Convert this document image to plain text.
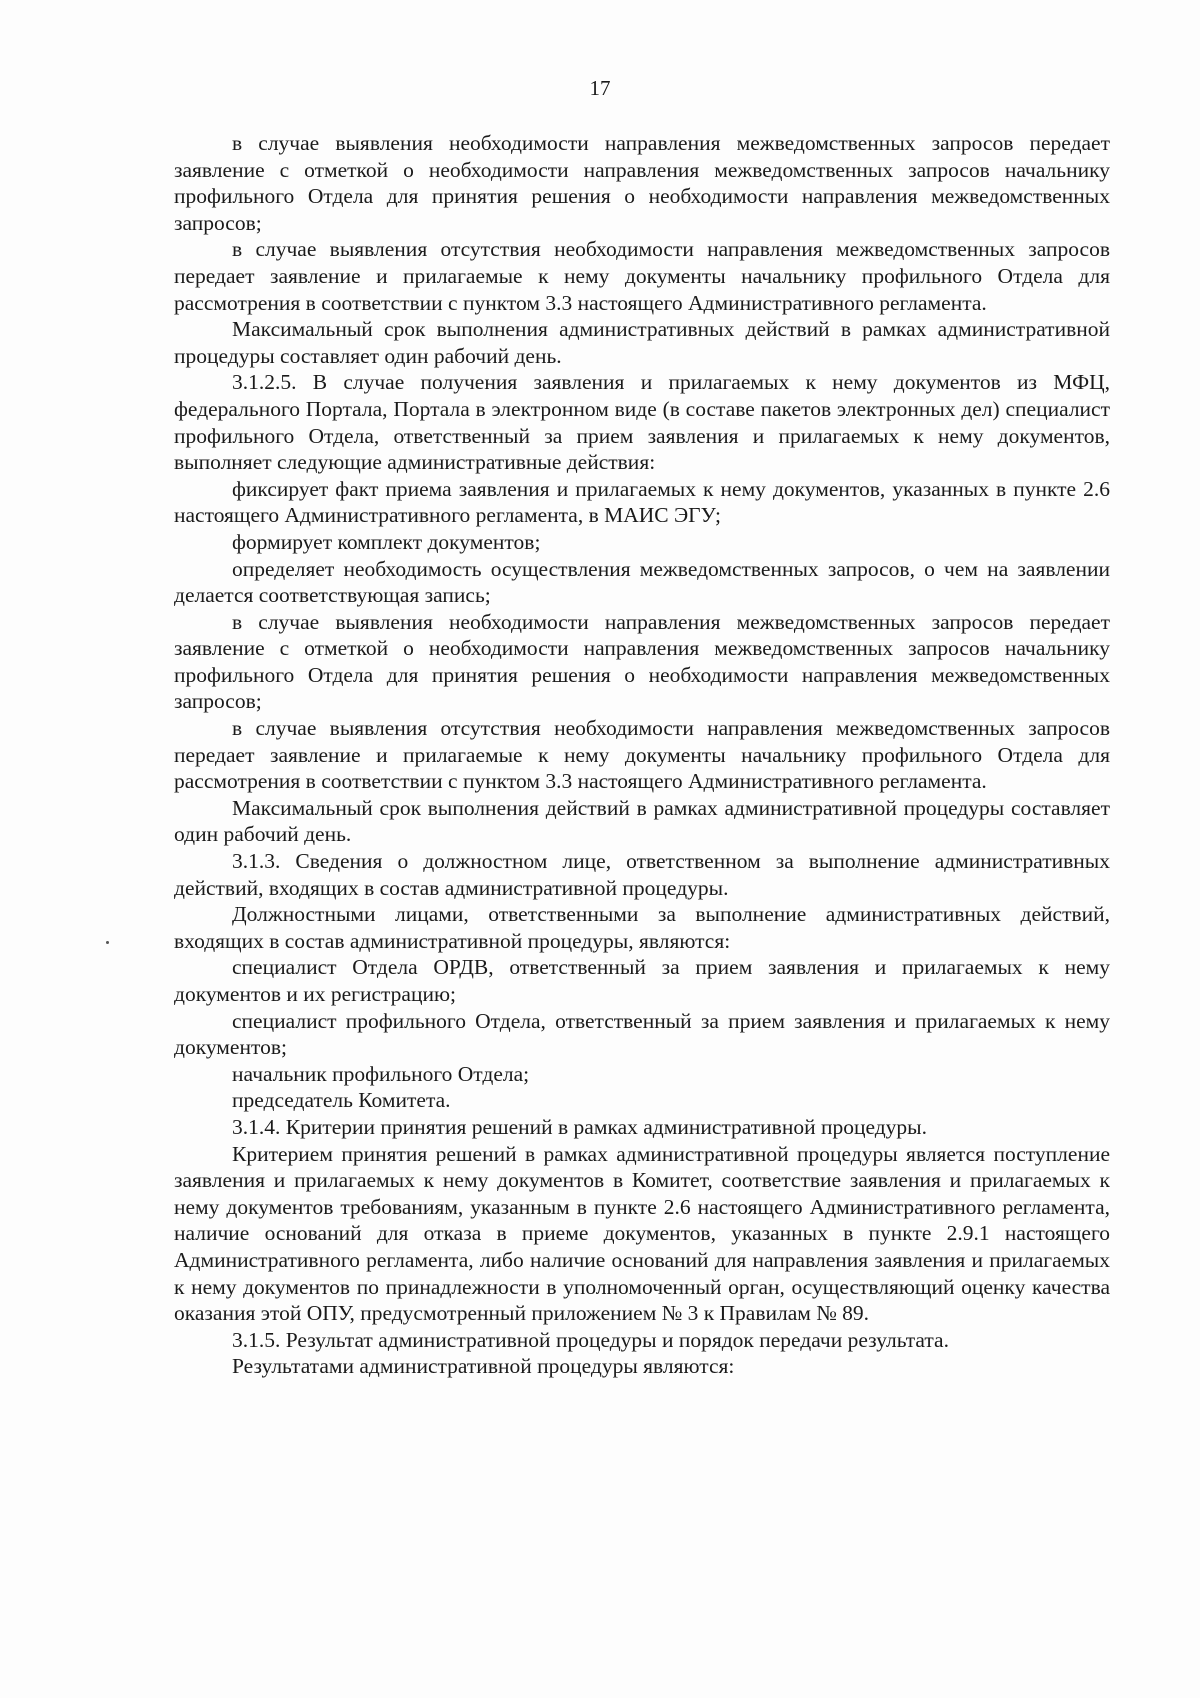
17

в случае выявления необходимости направления межведомственных запросов передает заявление с отметкой о необходимости направления межведомственных запросов начальнику профильного Отдела для принятия решения о необходимости направления межведомственных запросов;

в случае выявления отсутствия необходимости направления межведомственных запросов передает заявление и прилагаемые к нему документы начальнику профильного Отдела для рассмотрения в соответствии с пунктом 3.3 настоящего Административного регламента.

Максимальный срок выполнения административных действий в рамках административной процедуры составляет один рабочий день.

3.1.2.5. В случае получения заявления и прилагаемых к нему документов из МФЦ, федерального Портала, Портала в электронном виде (в составе пакетов электронных дел) специалист профильного Отдела, ответственный за прием заявления и прилагаемых к нему документов, выполняет следующие административные действия:

фиксирует факт приема заявления и прилагаемых к нему документов, указанных в пункте 2.6 настоящего Административного регламента, в МАИС ЭГУ;

формирует комплект документов;

определяет необходимость осуществления межведомственных запросов, о чем на заявлении делается соответствующая запись;

в случае выявления необходимости направления межведомственных запросов передает заявление с отметкой о необходимости направления межведомственных запросов начальнику профильного Отдела для принятия решения о необходимости направления межведомственных запросов;

в случае выявления отсутствия необходимости направления межведомственных запросов передает заявление и прилагаемые к нему документы начальнику профильного Отдела для рассмотрения в соответствии с пунктом 3.3 настоящего Административного регламента.

Максимальный срок выполнения действий в рамках административной процедуры составляет один рабочий день.

3.1.3. Сведения о должностном лице, ответственном за выполнение административных действий, входящих в состав административной процедуры.

Должностными лицами, ответственными за выполнение административных действий, входящих в состав административной процедуры, являются:

специалист Отдела ОРДВ, ответственный за прием заявления и прилагаемых к нему документов и их регистрацию;

специалист профильного Отдела, ответственный за прием заявления и прилагаемых к нему документов;

начальник профильного Отдела;

председатель Комитета.

3.1.4. Критерии принятия решений в рамках административной процедуры.

Критерием принятия решений в рамках административной процедуры является поступление заявления и прилагаемых к нему документов в Комитет, соответствие заявления и прилагаемых к нему документов требованиям, указанным в пункте 2.6 настоящего Административного регламента, наличие оснований для отказа в приеме документов, указанных в пункте 2.9.1 настоящего Административного регламента, либо наличие оснований для направления заявления и прилагаемых к нему документов по принадлежности в уполномоченный орган, осуществляющий оценку качества оказания этой ОПУ, предусмотренный приложением № 3 к Правилам № 89.

3.1.5. Результат административной процедуры и порядок передачи результата.

Результатами административной процедуры являются:
